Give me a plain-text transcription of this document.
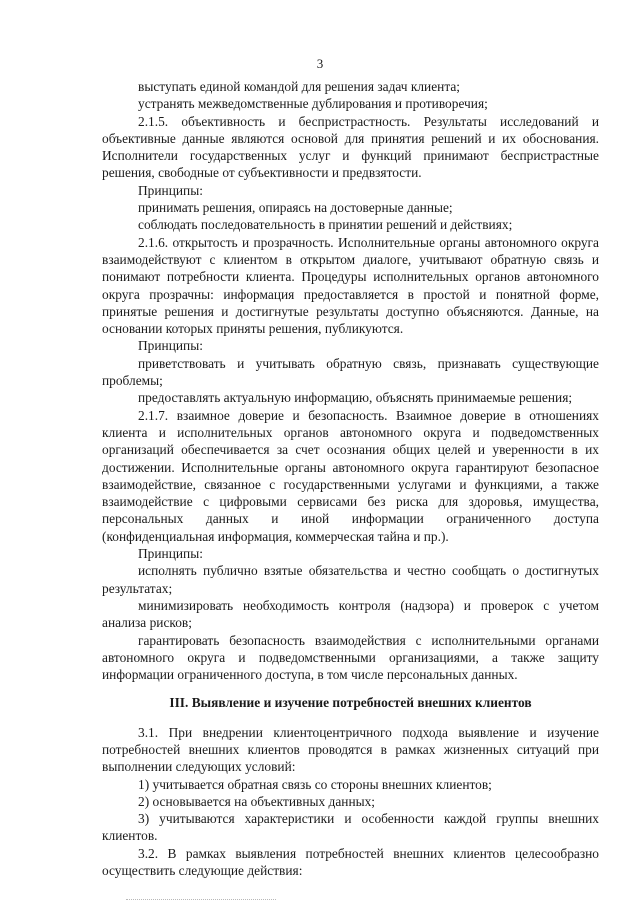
3

выступать единой командой для решения задач клиента;

устранять межведомственные дублирования и противоречия;

2.1.5. объективность и беспристрастность. Результаты исследований и объективные данные являются основой для принятия решений и их обоснования. Исполнители государственных услуг и функций принимают беспристрастные решения, свободные от субъективности и предвзятости.

Принципы:

принимать решения, опираясь на достоверные данные;

соблюдать последовательность в принятии решений и действиях;

2.1.6. открытость и прозрачность. Исполнительные органы автономного округа взаимодействуют с клиентом в открытом диалоге, учитывают обратную связь и понимают потребности клиента. Процедуры исполнительных органов автономного округа прозрачны: информация предоставляется в простой и понятной форме, принятые решения и достигнутые результаты доступно объясняются. Данные, на основании которых приняты решения, публикуются.

Принципы:

приветствовать и учитывать обратную связь, признавать существующие проблемы;

предоставлять актуальную информацию, объяснять принимаемые решения;

2.1.7. взаимное доверие и безопасность. Взаимное доверие в отношениях клиента и исполнительных органов автономного округа и подведомственных организаций обеспечивается за счет осознания общих целей и уверенности в их достижении. Исполнительные органы автономного округа гарантируют безопасное взаимодействие, связанное с государственными услугами и функциями, а также взаимодействие с цифровыми сервисами без риска для здоровья, имущества, персональных данных и иной информации ограниченного доступа (конфиденциальная информация, коммерческая тайна и пр.).

Принципы:

исполнять публично взятые обязательства и честно сообщать о достигнутых результатах;

минимизировать необходимость контроля (надзора) и проверок с учетом анализа рисков;

гарантировать безопасность взаимодействия с исполнительными органами автономного округа и подведомственными организациями, а также защиту информации ограниченного доступа, в том числе персональных данных.

III. Выявление и изучение потребностей внешних клиентов

3.1. При внедрении клиентоцентричного подхода выявление и изучение потребностей внешних клиентов проводятся в рамках жизненных ситуаций при выполнении следующих условий:

1) учитывается обратная связь со стороны внешних клиентов;

2) основывается на объективных данных;

3) учитываются характеристики и особенности каждой группы внешних клиентов.

3.2. В рамках выявления потребностей внешних клиентов целесообразно осуществить следующие действия:
